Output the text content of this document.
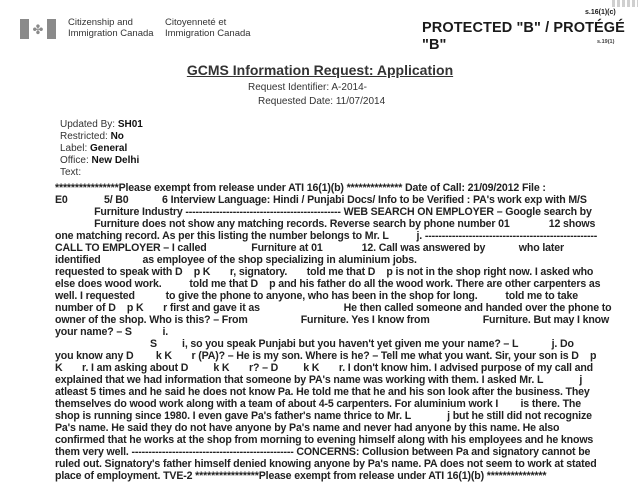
✤	Citizenship and
Immigration Canada
Citoyenneté et
Immigration Canada
s.16(1)(c)
PROTECTED "B" / PROTÉGÉ "B"	s.19(1)
GCMS Information Request: Application
Request Identifier: A-2014-
Requested Date: 11/07/2014
Updated By: SH01
Restricted: No
Label: General
Office: New Delhi
Text:
****************Please exempt from release under ATI 16(1)(b) ************** Date of Call: 21/09/2012 File :
E0             5/ B0            6 Interview Language: Hindi / Punjabi Docs/ Info to be Verified : PA's work exp with M/S
Furniture Industry ---------------------------------------------- WEB SEARCH ON EMPLOYER – Google search by
Furniture does not show any matching records. Reverse search by phone number 01              12 shows
one matching record. As per this listing the number belongs to Mr. L          j. ---------------------------------------------------
CALL TO EMPLOYER – I called                Furniture at 01              12. Call was answered by            who later
identified               as employee of the shop specializing in aluminium jobs.
requested to speak with D    p K       r, signatory.       told me that D    p is not in the shop right now. I asked who
else does wood work.          told me that D    p and his father do all the wood work. There are other carpenters as
well. I requested           to give the phone to anyone, who has been in the shop for long.          told me to take
number of D    p K       r first and gave it as                              He then called someone and handed over the phone to
owner of the shop. Who is this? – From                   Furniture. Yes I know from                   Furniture. But may I know
your name? – S           i.
S         i, so you speak Punjabi but you haven't yet given me your name? – L            j. Do
you know any D        k K       r (PA)? – He is my son. Where is he? – Tell me what you want. Sir, your son is D    p
K       r. I am asking about D         k K       r? – D         k K       r. I don't know him. I advised purpose of my call and
explained that we had information that someone by PA's name was working with them. I asked Mr. L             j
atleast 5 times and he said he does not know Pa. He told me that he and his son look after the business. They
themselves do wood work along with a team of about 4-5 carpenters. For aluminium work I        is there. The
shop is running since 1980. I even gave Pa's father's name thrice to Mr. L             j but he still did not recognize
Pa's name. He said they do not have anyone by Pa's name and never had anyone by this name. He also
confirmed that he works at the shop from morning to evening himself along with his employees and he knows
them very well. ------------------------------------------------ CONCERNS: Collusion between Pa and signatory cannot be
ruled out. Signatory's father himself denied knowing anyone by Pa's name. PA does not seem to work at stated
place of employment. TVE-2 ****************Please exempt from release under ATI 16(1)(b) ***************
